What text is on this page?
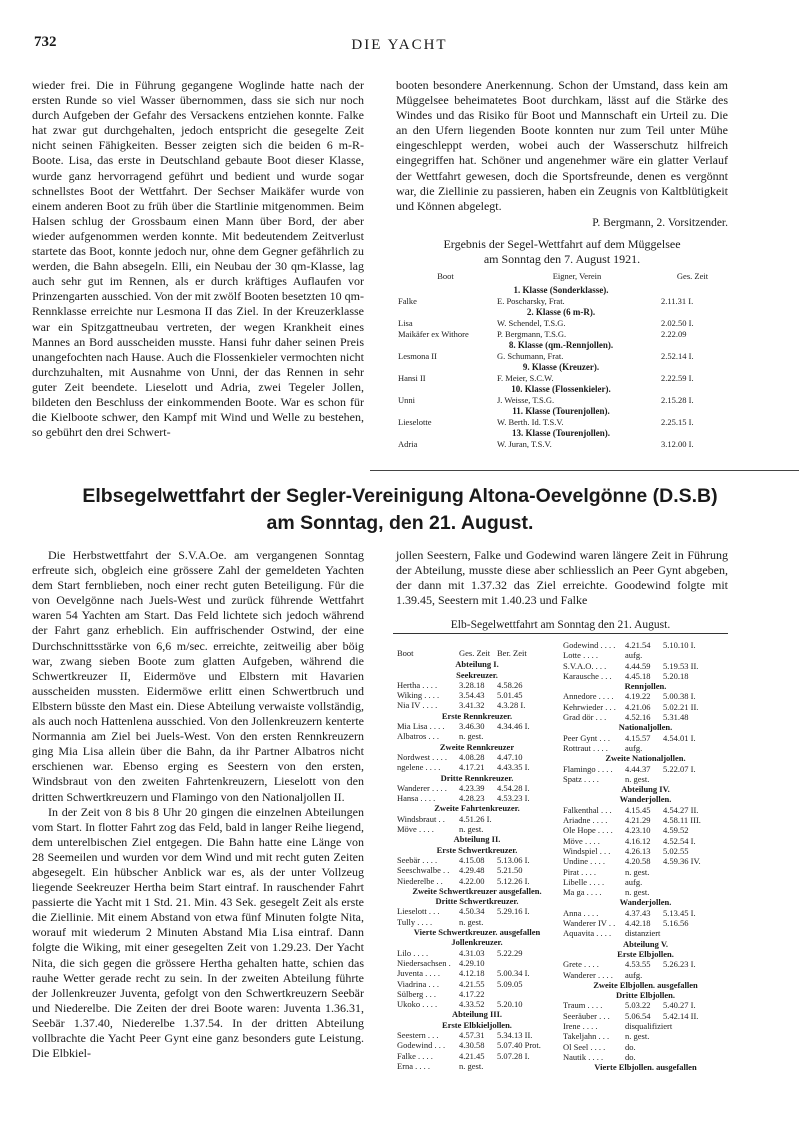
732	DIE YACHT

wieder frei. Die in Führung gegangene Woglinde hatte nach der ersten Runde so viel Wasser übernommen, dass sie sich nur noch durch Aufgeben der Gefahr des Versackens entziehen konnte. Falke hat zwar gut durchgehalten, jedoch entspricht die gesegelte Zeit nicht seinen Fähigkeiten. Besser zeigten sich die beiden 6 m-R-Boote. Lisa, das erste in Deutschland gebaute Boot dieser Klasse, wurde ganz hervorragend geführt und bedient und wurde sogar schnellstes Boot der Wettfahrt. Der Sechser Maikäfer wurde von einem anderen Boot zu früh über die Startlinie mitgenommen. Beim Halsen schlug der Grossbaum einen Mann über Bord, der aber wieder aufgenommen werden konnte. Mit bedeutendem Zeitverlust startete das Boot, konnte jedoch nur, ohne dem Gegner gefährlich zu werden, die Bahn absegeln. Elli, ein Neubau der 30 qm-Klasse, lag auch sehr gut im Rennen, als er durch kräftiges Auflaufen vor Prinzengarten ausschied. Von der mit zwölf Booten besetzten 10 qm-Rennklasse erreichte nur Lesmona II das Ziel. In der Kreuzerklasse war ein Spitzgattneubau vertreten, der wegen Krankheit eines Mannes an Bord ausscheiden musste. Hansi fuhr daher seinen Preis unangefochten nach Hause. Auch die Flossenkieler vermochten nicht durchzuhalten, mit Ausnahme von Unni, der das Rennen in sehr guter Zeit beendete. Lieselott und Adria, zwei Tegeler Jollen, bildeten den Beschluss der einkommenden Boote. War es schon für die Kielboote schwer, den Kampf mit Wind und Welle zu bestehen, so gebührt den drei Schwert-

booten besondere Anerkennung. Schon der Umstand, dass kein am Müggelsee beheimatetes Boot durchkam, lässt auf die Stärke des Windes und das Risiko für Boot und Mannschaft ein Urteil zu. Die an den Ufern liegenden Boote konnten nur zum Teil unter Mühe eingeschleppt werden, wobei auch der Wasserschutz hilfreich eingegriffen hat. Schöner und angenehmer wäre ein glatter Verlauf der Wettfahrt gewesen, doch die Sportsfreunde, denen es vergönnt war, die Ziellinie zu passieren, haben ein Zeugnis von Kaltblütigkeit und Können abgelegt.

P. Bergmann, 2. Vorsitzender.
Ergebnis der Segel-Wettfahrt auf dem Müggelsee
am Sonntag den 7. August 1921.
Boot	Eigner, Verein	Ges. Zeit
1. Klasse (Sonderklasse).		
Falke	E. Poscharsky, Frat.	2.11.31 I.
2. Klasse (6 m-R).		
Lisa	W. Schendel, T.S.G.	2.02.50 I.
Maikäfer ex Withore	P. Bergmann, T.S.G.	2.22.09
8. Klasse (qm.-Rennjollen).		
Lesmona II	G. Schumann, Frat.	2.52.14 I.
9. Klasse (Kreuzer).		
Hansi II	F. Meier, S.C.W.	2.22.59 I.
10. Klasse (Flossenkieler).		
Unni	J. Weisse, T.S.G.	2.15.28 I.
11. Klasse (Tourenjollen).		
Lieselotte	W. Berth. Id. T.S.V.	2.25.15 I.
13. Klasse (Tourenjollen).		
Adria	W. Juran, T.S.V.	3.12.00 I.
Elbsegelwettfahrt der Segler-Vereinigung Altona-Oevelgönne (D.S.B)
am Sonntag, den 21. August.

Die Herbstwettfahrt der S.V.A.Oe. am vergangenen Sonntag erfreute sich, obgleich eine grössere Zahl der gemeldeten Yachten dem Start fernblieben, noch einer recht guten Beteiligung. Für die von Oevelgönne nach Juels-West und zurück führende Wettfahrt waren 54 Yachten am Start. Das Feld lichtete sich jedoch während der Fahrt ganz erheblich. Ein auffrischender Ostwind, der eine Durchschnittsstärke von 6,6 m/sec. erreichte, zeitweilig aber böig war, zwang sieben Boote zum glatten Aufgeben, während die Schwertkreuzer II, Eidermöve und Elbstern mit Havarien ausscheiden mussten. Eidermöwe erlitt einen Schwertbruch und Elbstern büsste den Mast ein. Diese Abteilung verwaiste vollständig, als auch noch Hattenlena ausschied. Von den Jollenkreuzern kenterte Normannia am Ziel bei Juels-West. Von den ersten Rennkreuzern ging Mia Lisa allein über die Bahn, da ihr Partner Albatros nicht erschienen war. Ebenso erging es Seestern von den ersten, Windsbraut von den zweiten Fahrtenkreuzern, Lieselott von den dritten Schwertkreuzern und Flamingo von den Nationaljollen II.

In der Zeit von 8 bis 8 Uhr 20 gingen die einzelnen Abteilungen vom Start. In flotter Fahrt zog das Feld, bald in langer Reihe liegend, dem unterelbischen Ziel entgegen. Die Bahn hatte eine Länge von 28 Seemeilen und wurden vor dem Wind und mit recht guten Zeiten abgesegelt. Ein hübscher Anblick war es, als der unter Vollzeug liegende Seekreuzer Hertha beim Start eintraf. In rauschender Fahrt passierte die Yacht mit 1 Std. 21. Min. 43 Sek. gesegelt Zeit als erste die Ziellinie. Mit einem Abstand von etwa fünf Minuten folgte Nita, worauf mit wiederum 2 Minuten Abstand Mia Lisa eintraf. Dann folgte die Wiking, mit einer gesegelten Zeit von 1.29.23. Der Yacht Nita, die sich gegen die grössere Hertha gehalten hatte, schien das rauhe Wetter gerade recht zu sein. In der zweiten Abteilung führte der Jollenkreuzer Juventa, gefolgt von den Schwertkreuzern Seebär und Niederelbe. Die Zeiten der drei Boote waren: Juventa 1.36.31, Seebär 1.37.40, Niederelbe 1.37.54. In der dritten Abteilung vollbrachte die Yacht Peer Gynt eine ganz besonders gute Leistung. Die Elbkiel-

jollen Seestern, Falke und Godewind waren längere Zeit in Führung der Abteilung, musste diese aber schliesslich an Peer Gynt abgeben, der dann mit 1.37.32 das Ziel erreichte. Goodewind folgte mit 1.39.45, Seestern mit 1.40.23 und Falke

Elb-Segelwettfahrt am Sonntag den 21. August.
Boot	Ges. Zeit Ber. Zeit
Abteilung I.
Seekreuzer.
Hertha . . . .	3.28.18	4.58.26
Wiking . . . .	3.54.43	5.01.45
Nia IV . . . .	3.41.32	4.3.28 I.
Erste Rennkreuzer.
Mia Lisa . . . .	3.46.30	4.34.46 I.
Albatros . . .	n. gest.
Zweite Rennkreuzer
Nordwest . . . .	4.08.28	4.47.10
ngelene . . . .	4.17.21	4.43.35 I.
Dritte Rennkreuzer.
Wanderer . . . .	4.23.39	4.54.28 I.
Hansa . . . .	4.28.23	4.53.23 I.
Zweite Fahrtenkreuzer.
Windsbraut . .	4.51.26 I.
Möve . . . .	n. gest.
Abteilung II.
Erste Schwertkreuzer.
Seebär . . . .	4.15.08	5.13.06 I.
Seeschwalbe . .	4.29.48	5.21.50
Niederelbe . .	4.22.00	5.12.26 I.
Zweite Schwertkreuzer ausgefallen.
Dritte Schwertkreuzer.
Lieselott . . .	4.50.34	5.29.16 I.
Tully . . . .	n. gest.
Vierte Schwertkreuzer. ausgefallen
Jollenkreuzer.
Lilo . . . .	4.31.03	5.22.29
Niedersachsen . 4.29.10
Juventa . . . .	4.12.18	5.00.34 I.
Viadrina . . .	4.21.55	5.09.05
Sülberg . . .	4.17.22
Ukoko . . . .	4.33.52	5.20.10
Abteilung III.
Erste Elbkieljollen.
Seestern . . .	4.57.31	5.34.13 II.
Godewind . . .	4.30.58	5.07.40 Prot.
Falke . . . .	4.21.45	5.07.28 I.
Erna . . . .	n. gest.
Godewind . . . .	4.21.54	5.10.10 I.
Lotte . . . .	aufg.
S.V.A.O. . . .	4.44.59	5.19.53 II.
Karausche . . .	4.45.18	5.20.18
Rennjollen.
Annedore . . . .	4.19.22	5.00.38 I.
Kehrwieder . . .	4.21.06	5.02.21 II.
Grad dör . . .	4.52.16	5.31.48
Nationaljollen.
Peer Gynt . . .	4.15.57	4.54.01 I.
Rottraut . . . .	aufg.
Zweite Nationaljollen.
Flamingo . . . .	4.44.37	5.22.07 I.
Spatz . . . .	n. gest.
Abteilung IV.
Wanderjollen.
Falkenthal . . .	4.15.45	4.54.27 II.
Ariadne . . . .	4.21.29	4.58.11 III.
Ole Hope . . . .	4.23.10	4.59.52
Möve . . . .	4.16.12	4.52.54 I.
Windspiel . . .	4.26.13	5.02.55
Undine . . . .	4.20.58	4.59.36 IV.
Pirat . . . .	n. gest.
Libelle . . . .	aufg.
Ma ga . . . .	n. gest.
Wanderjollen.
Anna . . . .	4.37.43	5.13.45 I.
Wanderer IV . .	4.42.18	5.16.56
Aquavita . . . .	distanziert
Abteilung V.
Erste Elbjollen.
Grete . . . .	4.53.55	5.26.23 I.
Wanderer . . . .	aufg.
Zweite Elbjollen. ausgefallen
Dritte Elbjollen.
Traum . . . .	5.03.22	5.40.27 I.
Seeräuber . . .	5.06.54	5.42.14 II.
Irene . . . .	disqualifiziert
Takeljahn . . .	n. gest.
Ol Seel . . . .	do.
Nautik . . . .	do.
Vierte Elbjollen. ausgefallen
